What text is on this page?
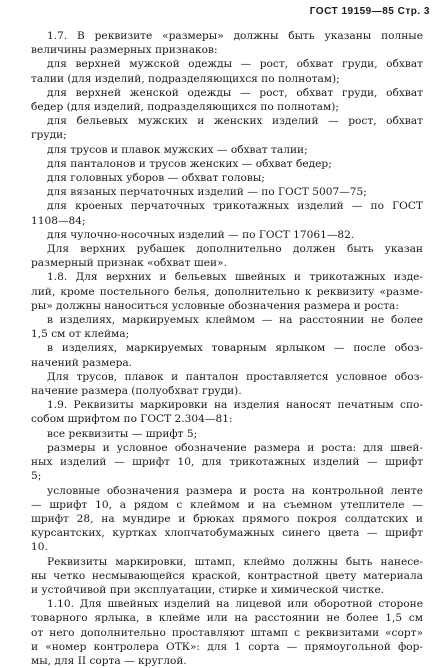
ГОСТ 19159—85 Стр. 3
1.7. В реквизите «размеры» должны быть указаны полные
величины размерных признаков:
для верхней мужской одежды — рост, обхват груди, обхват
талии (для изделий, подразделяющихся по полнотам);
для верхней женской одежды — рост, обхват груди, обхват
бедер (для изделий, подразделяющихся по полнотам);
для бельевых мужских и женских изделий — рост, обхват
груди;
для трусов и плавок мужских — обхват талии;
для панталонов и трусов женских — обхват бедер;
для головных уборов — обхват головы;
для вязаных перчаточных изделий — по ГОСТ 5007—75;
для кроеных перчаточных трикотажных изделий — по ГОСТ
1108—84;
для чулочно-носочных изделий — по ГОСТ 17061—82.
Для верхних рубашек дополнительно должен быть указан
размерный признак «обхват шеи».
1.8. Для верхних и бельевых швейных и трикотажных изде-
лий, кроме постельного белья, дополнительно к реквизиту «разме-
ры» должны наноситься условные обозначения размера и роста:
в изделиях, маркируемых клеймом — на расстоянии не более
1,5 см от клейма;
в изделиях, маркируемых товарным ярлыком — после обоз-
начений размера.
Для трусов, плавок и панталон проставляется условное обоз-
начение размера (полуобхват груди).
1.9. Реквизиты маркировки на изделия наносят печатным спо-
собом шрифтом по ГОСТ 2.304—81:
все реквизиты — шрифт 5;
размеры и условное обозначение размера и роста: для швей-
ных изделий — шрифт 10, для трикотажных изделий — шрифт
5;
условные обозначения размера и роста на контрольной ленте
— шрифт 10, а рядом с клеймом и на съемном утеплителе —
шрифт 28, на мундире и брюках прямого покроя солдатских и
курсантских, куртках хлопчатобумажных синего цвета — шрифт
10.
Реквизиты маркировки, штамп, клеймо должны быть нанесе-
ны четко несмывающейся краской, контрастной цвету материала
и устойчивой при эксплуатации, стирке и химической чистке.
1.10. Для швейных изделий на лицевой или оборотной стороне
товарного ярлыка, в клейме или на расстоянии не более 1,5 см
от него дополнительно проставляют штамп с реквизитами «сорт»
и «номер контролера ОТК»: для 1 сорта — прямоугольной фор-
мы, для II сорта — круглой.
